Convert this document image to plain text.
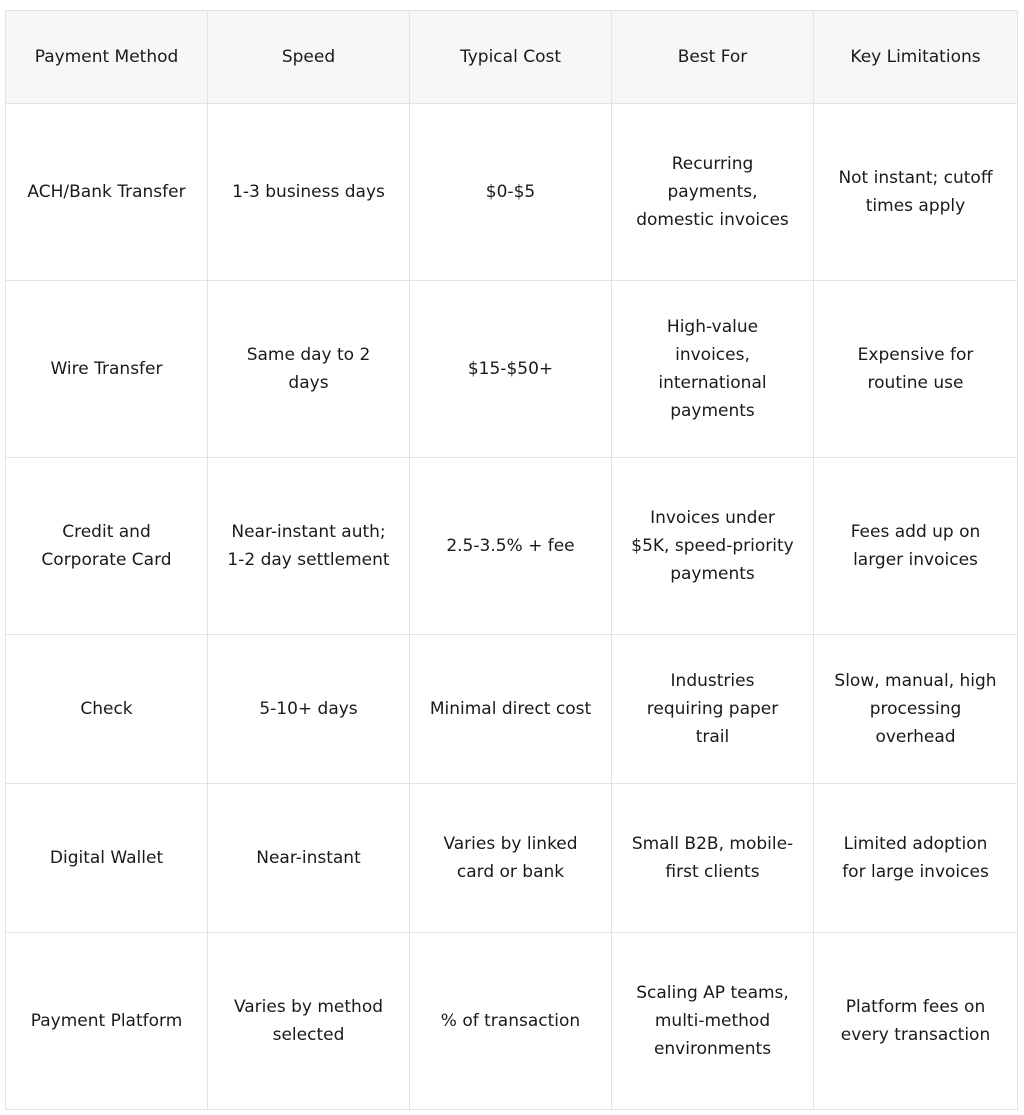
Payment Method	Speed	Typical Cost	Best For	Key Limitations
ACH/Bank Transfer	1-3 business days	$0-$5	Recurring payments, domestic invoices	Not instant; cutoff times apply
Wire Transfer	Same day to 2 days	$15-$50+	High-value invoices, international payments	Expensive for routine use
Credit and Corporate Card	Near-instant auth; 1-2 day settlement	2.5-3.5% + fee	Invoices under $5K, speed-priority payments	Fees add up on larger invoices
Check	5-10+ days	Minimal direct cost	Industries requiring paper trail	Slow, manual, high processing overhead
Digital Wallet	Near-instant	Varies by linked card or bank	Small B2B, mobile-first clients	Limited adoption for large invoices
Payment Platform	Varies by method selected	% of transaction	Scaling AP teams, multi-method environments	Platform fees on every transaction
